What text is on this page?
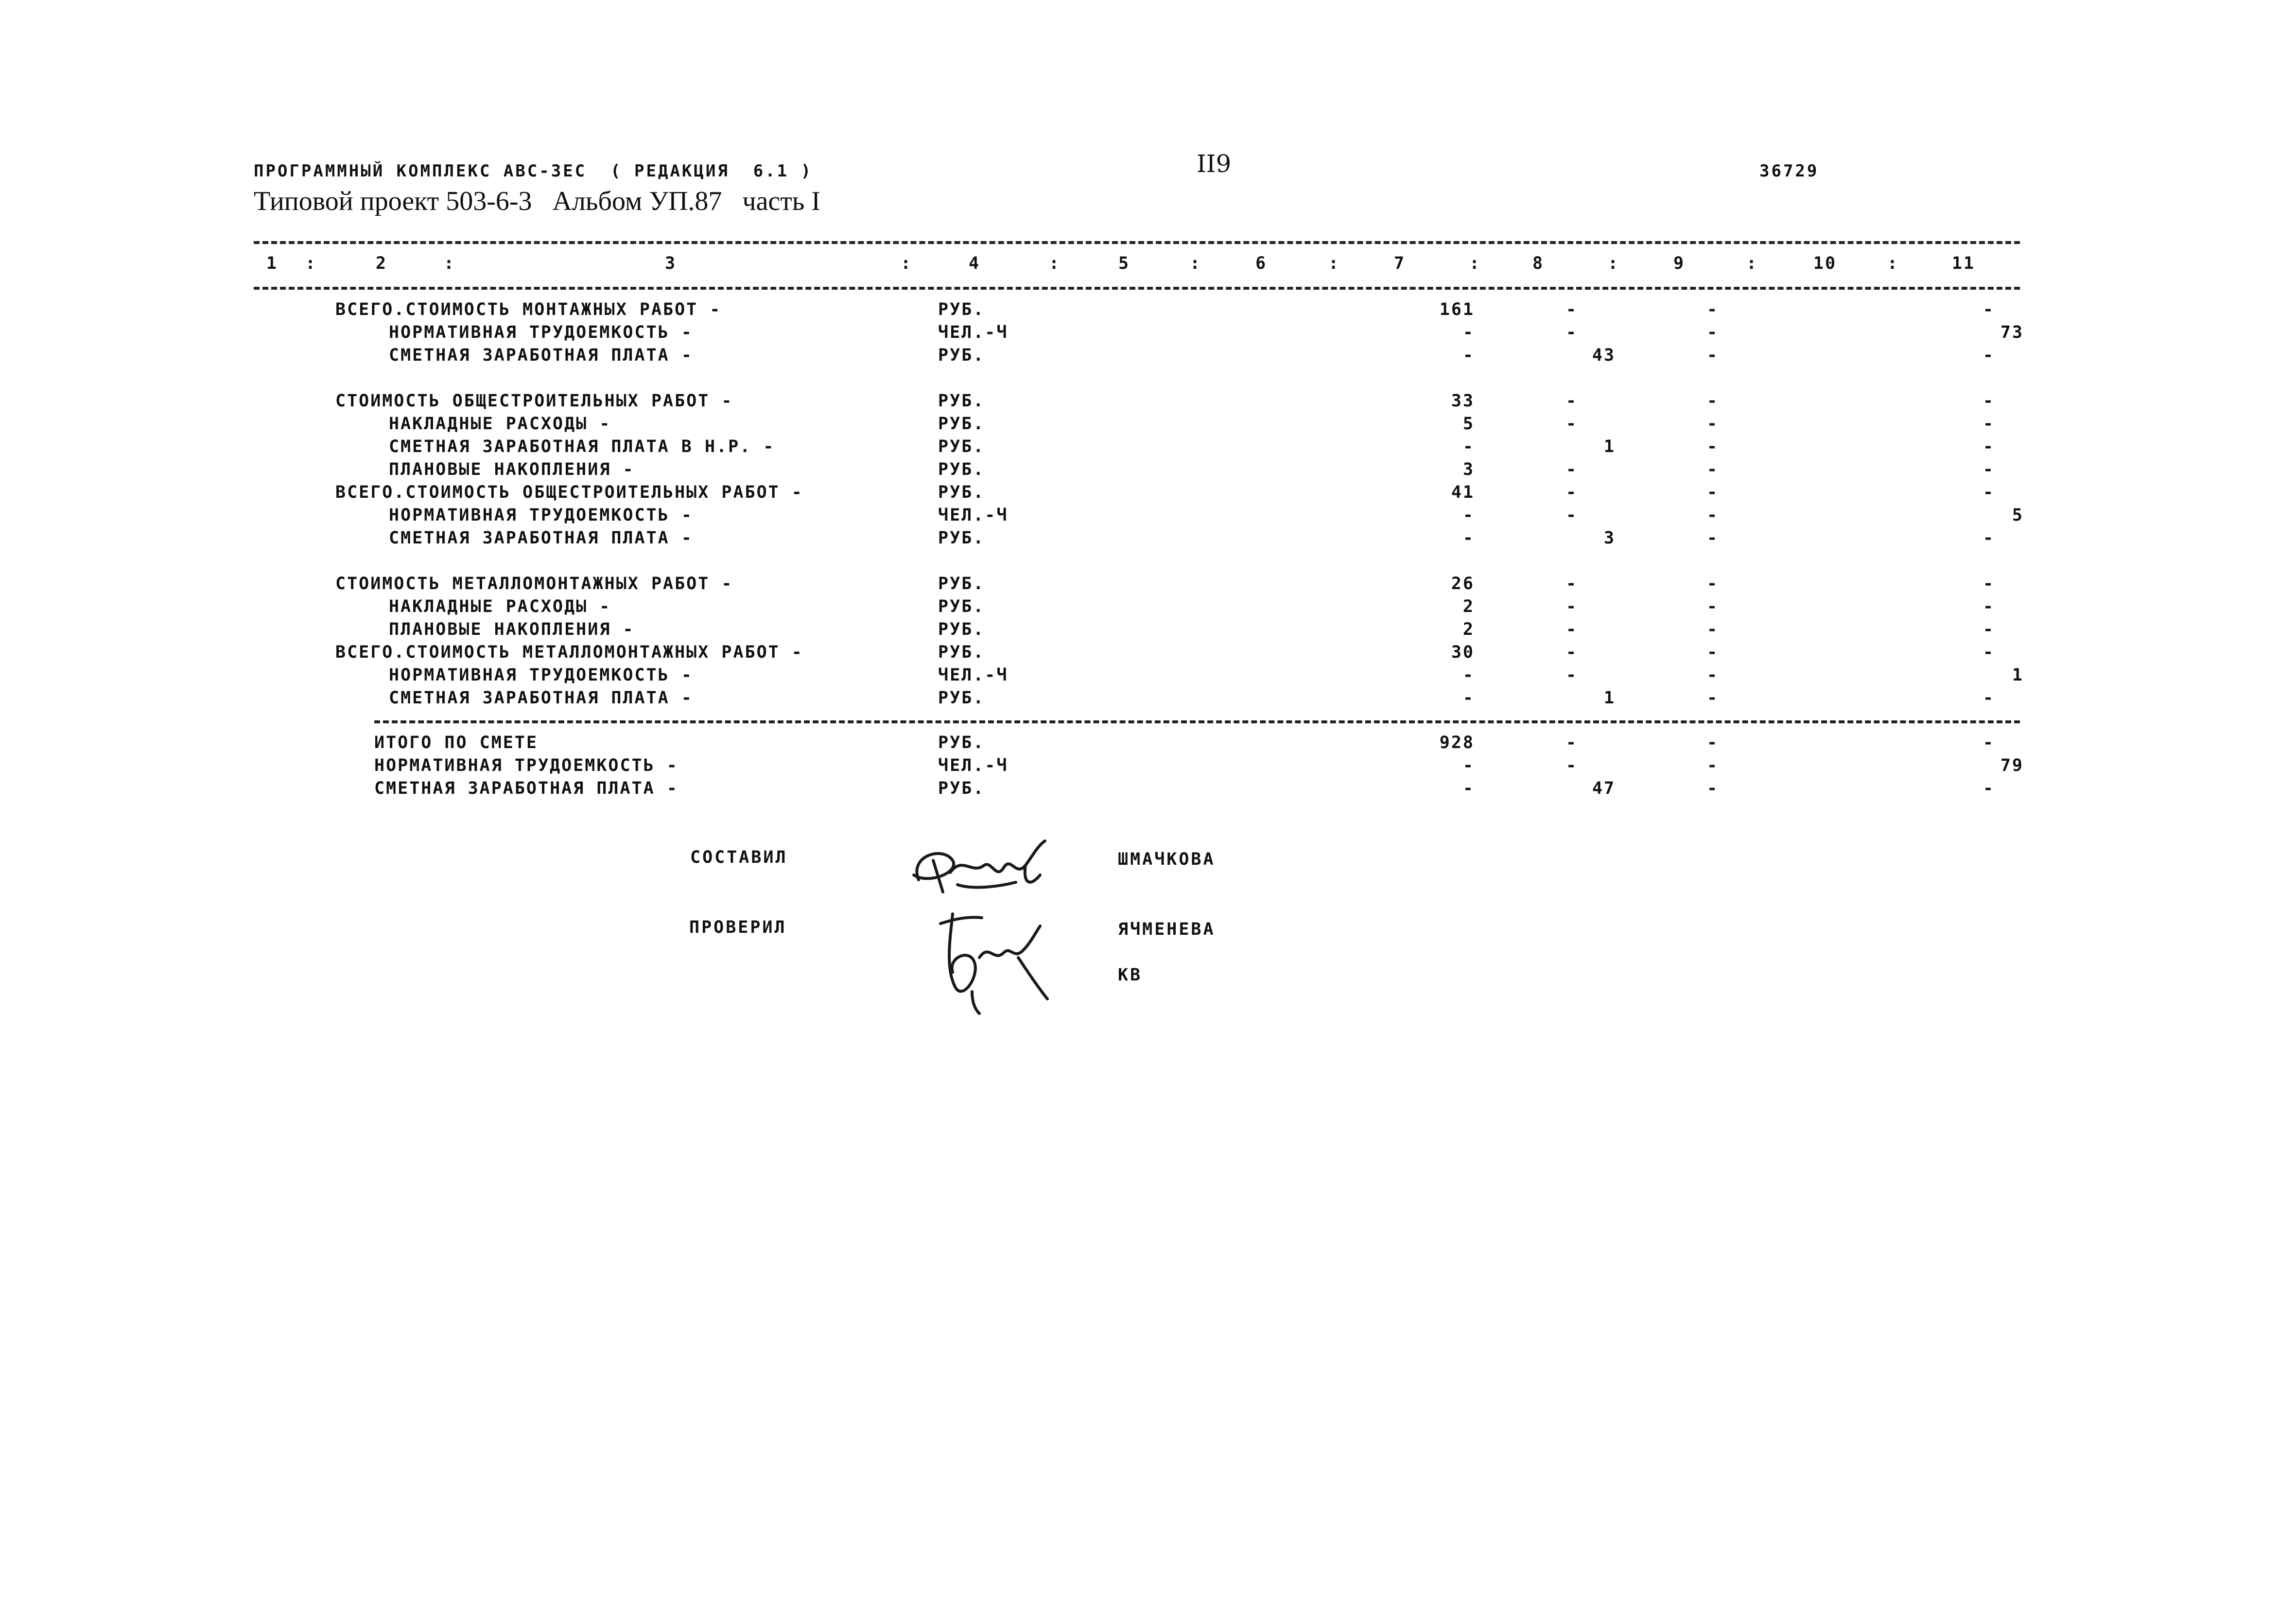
ПРОГРАММНЫЙ КОМПЛЕКС АВС-ЗЕС  ( РЕДАКЦИЯ  6.1 )	II9	36729
Типовой проект 503-6-3   Альбом УП.87   часть I
1	:	2	:	3	:	4	:	5	:	6	:	7	:	8	:	9	:	10	:	11
ВСЕГО.СТОИМОСТЬ МОНТАЖНЫХ РАБОТ -	РУБ.	161	-	-	-
НОРМАТИВНАЯ ТРУДОЕМКОСТЬ -	ЧЕЛ.-Ч	-	-	-	73
СМЕТНАЯ ЗАРАБОТНАЯ ПЛАТА -	РУБ.	-	43	-	-
СТОИМОСТЬ ОБЩЕСТРОИТЕЛЬНЫХ РАБОТ -	РУБ.	33	-	-	-
НАКЛАДНЫЕ РАСХОДЫ -	РУБ.	5	-	-	-
СМЕТНАЯ ЗАРАБОТНАЯ ПЛАТА В Н.Р. -	РУБ.	-	1	-	-
ПЛАНОВЫЕ НАКОПЛЕНИЯ -	РУБ.	3	-	-	-
ВСЕГО.СТОИМОСТЬ ОБЩЕСТРОИТЕЛЬНЫХ РАБОТ -	РУБ.	41	-	-	-
НОРМАТИВНАЯ ТРУДОЕМКОСТЬ -	ЧЕЛ.-Ч	-	-	-	5
СМЕТНАЯ ЗАРАБОТНАЯ ПЛАТА -	РУБ.	-	3	-	-
СТОИМОСТЬ МЕТАЛЛОМОНТАЖНЫХ РАБОТ -	РУБ.	26	-	-	-
НАКЛАДНЫЕ РАСХОДЫ -	РУБ.	2	-	-	-
ПЛАНОВЫЕ НАКОПЛЕНИЯ -	РУБ.	2	-	-	-
ВСЕГО.СТОИМОСТЬ МЕТАЛЛОМОНТАЖНЫХ РАБОТ -	РУБ.	30	-	-	-
НОРМАТИВНАЯ ТРУДОЕМКОСТЬ -	ЧЕЛ.-Ч	-	-	-	1
СМЕТНАЯ ЗАРАБОТНАЯ ПЛАТА -	РУБ.	-	1	-	-
ИТОГО ПО СМЕТЕ	РУБ.	928	-	-	-
НОРМАТИВНАЯ ТРУДОЕМКОСТЬ -	ЧЕЛ.-Ч	-	-	-	79
СМЕТНАЯ ЗАРАБОТНАЯ ПЛАТА -	РУБ.	-	47	-	-
СОСТАВИЛ	ШМАЧКОВА
ПРОВЕРИЛ	ЯЧМЕНЕВА
КВ
